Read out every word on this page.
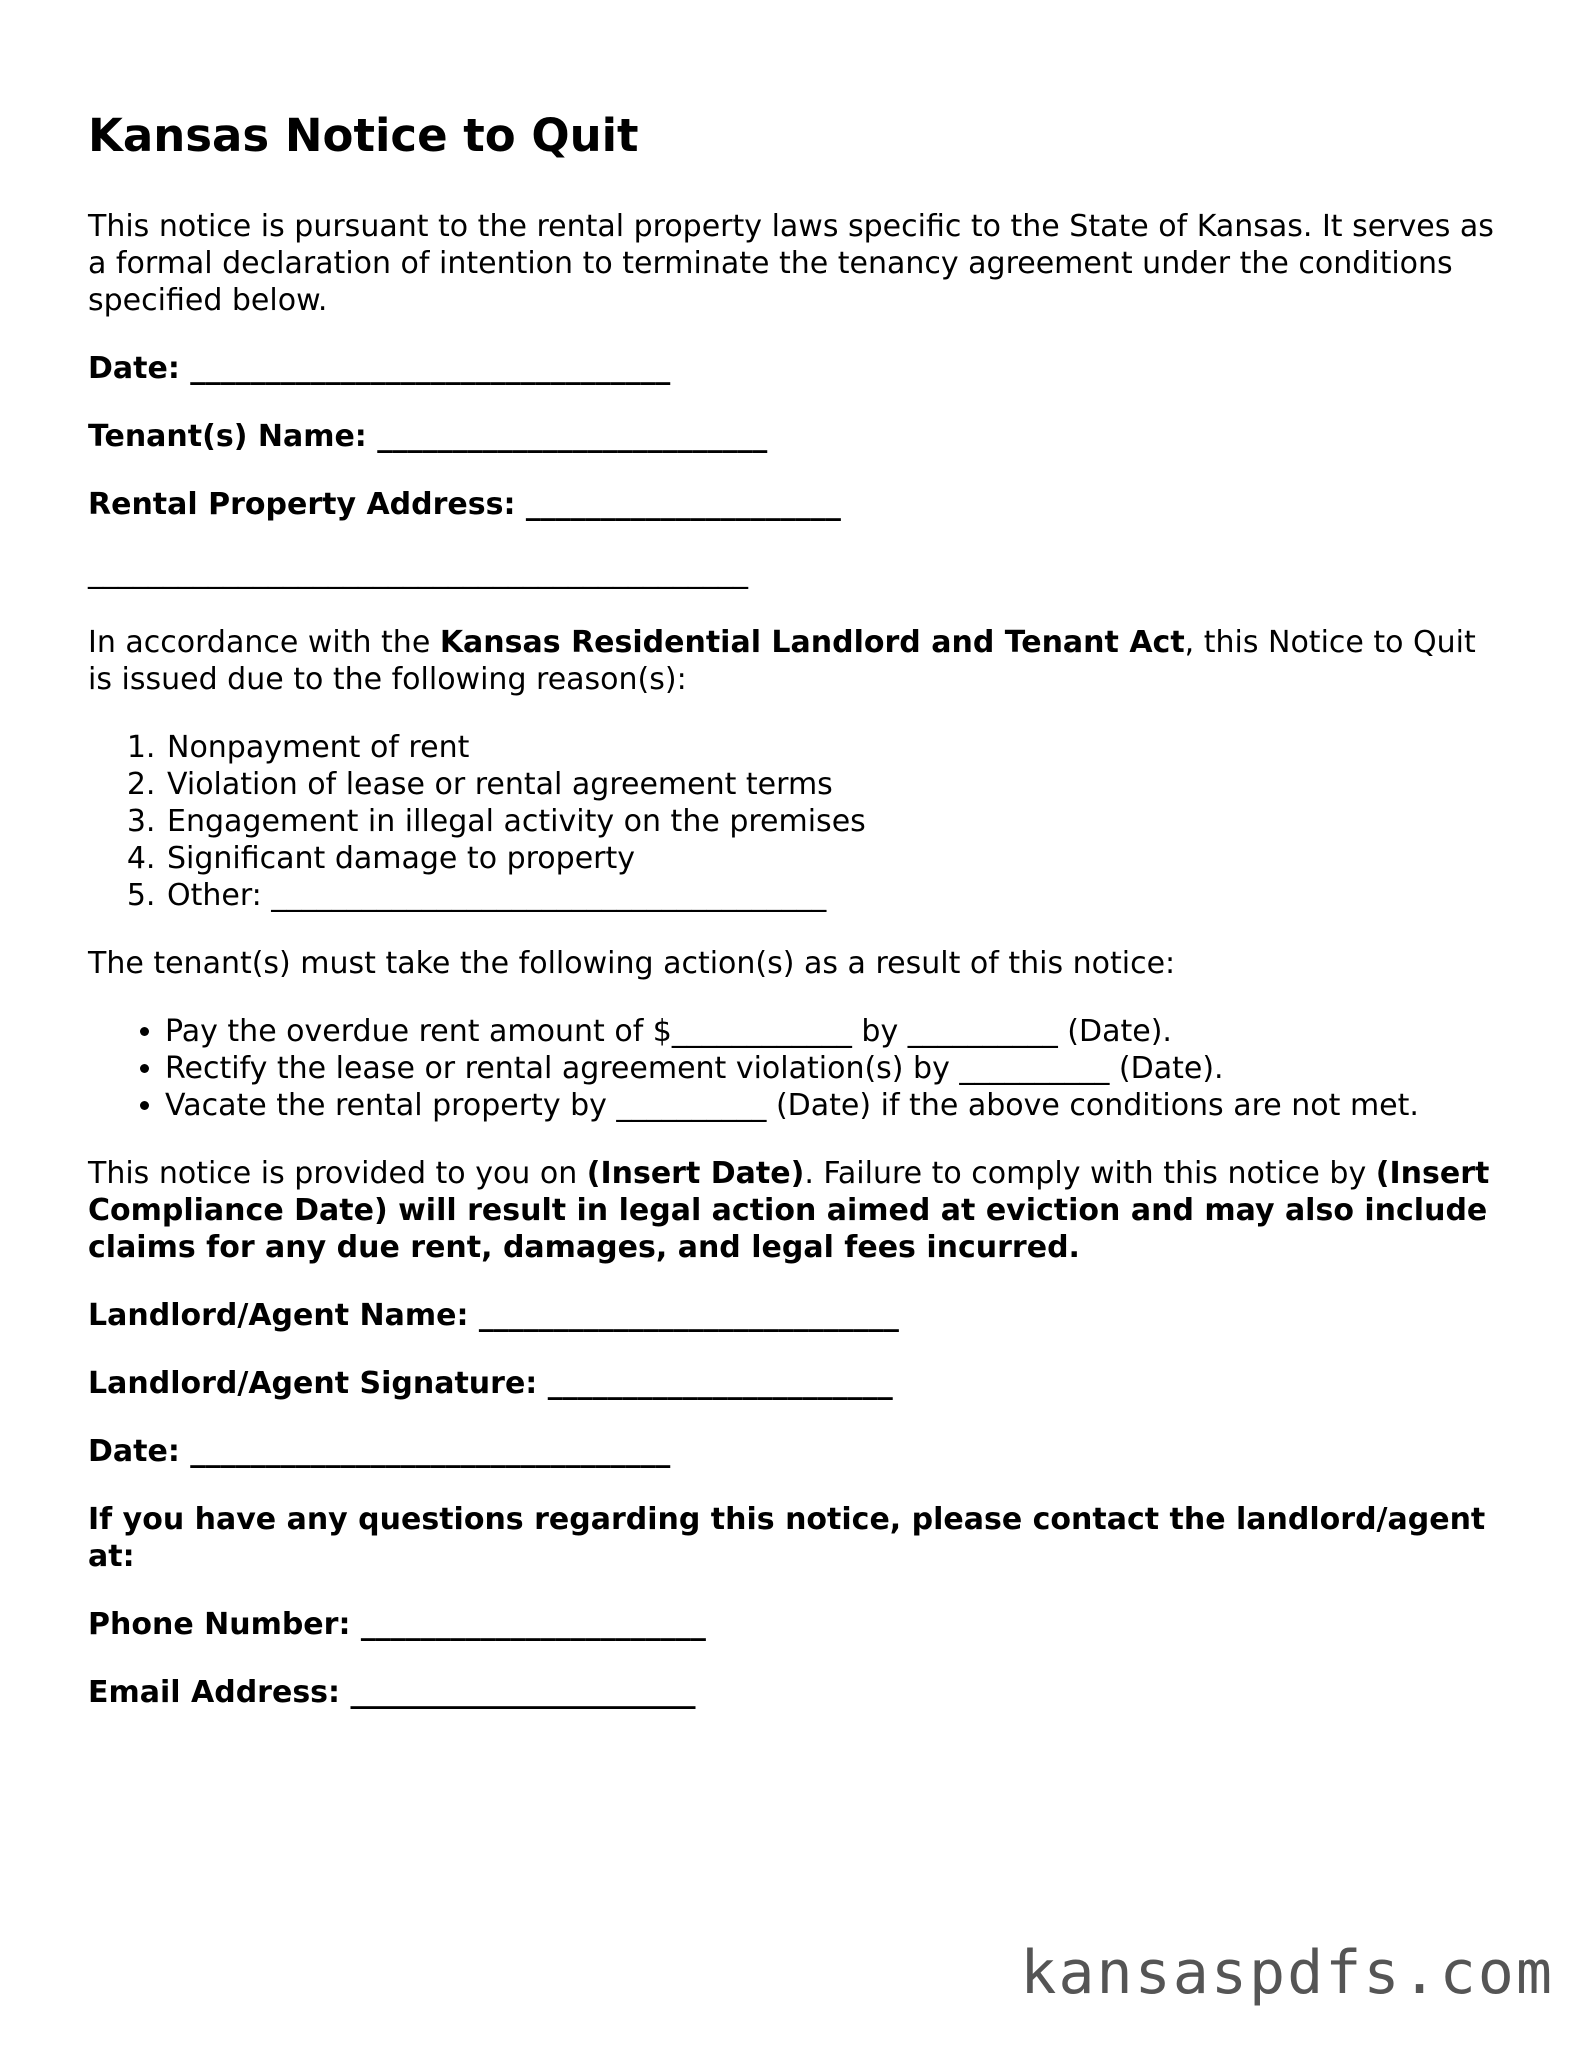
Kansas Notice to Quit

This notice is pursuant to the rental property laws specific to the State of Kansas. It serves as a formal declaration of intention to terminate the tenancy agreement under the conditions specified below.

Date: ________________________________

Tenant(s) Name: __________________________

Rental Property Address: _____________________

____________________________________________

In accordance with the Kansas Residential Landlord and Tenant Act, this Notice to Quit is issued due to the following reason(s):

1. Nonpayment of rent
2. Violation of lease or rental agreement terms
3. Engagement in illegal activity on the premises
4. Significant damage to property
5. Other: _____________________________________

The tenant(s) must take the following action(s) as a result of this notice:

• Pay the overdue rent amount of $____________ by __________ (Date).
• Rectify the lease or rental agreement violation(s) by __________ (Date).
• Vacate the rental property by __________ (Date) if the above conditions are not met.

This notice is provided to you on (Insert Date). Failure to comply with this notice by (Insert Compliance Date) will result in legal action aimed at eviction and may also include claims for any due rent, damages, and legal fees incurred.

Landlord/Agent Name: ____________________________

Landlord/Agent Signature: _______________________

Date: ________________________________

If you have any questions regarding this notice, please contact the landlord/agent at:

Phone Number: _______________________

Email Address: _______________________

kansaspdfs.com
